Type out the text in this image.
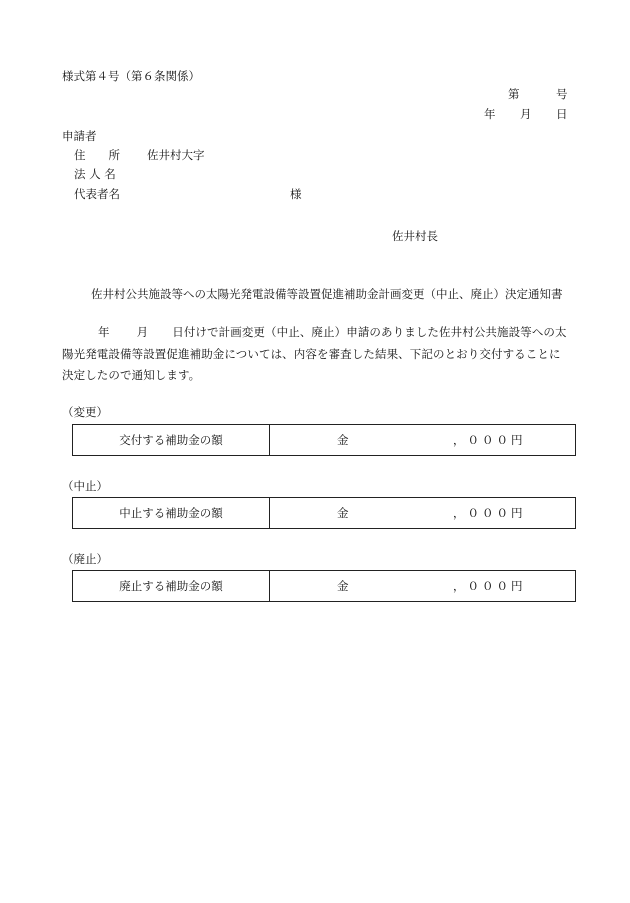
様式第４号（第６条関係）
第	号
年 月 日
申請者
住　　所 佐井村大字
法 人 名
代表者名	様
佐井村長
佐井村公共施設等への太陽光発電設備等設置促進補助金計画変更（中止、廃止）決定通知書
年 月 日付けで計画変更（中止、廃止）申請のありました佐井村公共施設等への太陽光発電設備等設置促進補助金については、内容を審査した結果、下記のとおり交付することに決定したので通知します。
（変更）
交付する補助金の額	金	，０００円
（中止）
中止する補助金の額	金	，０００円
（廃止）
廃止する補助金の額	金	，０００円
